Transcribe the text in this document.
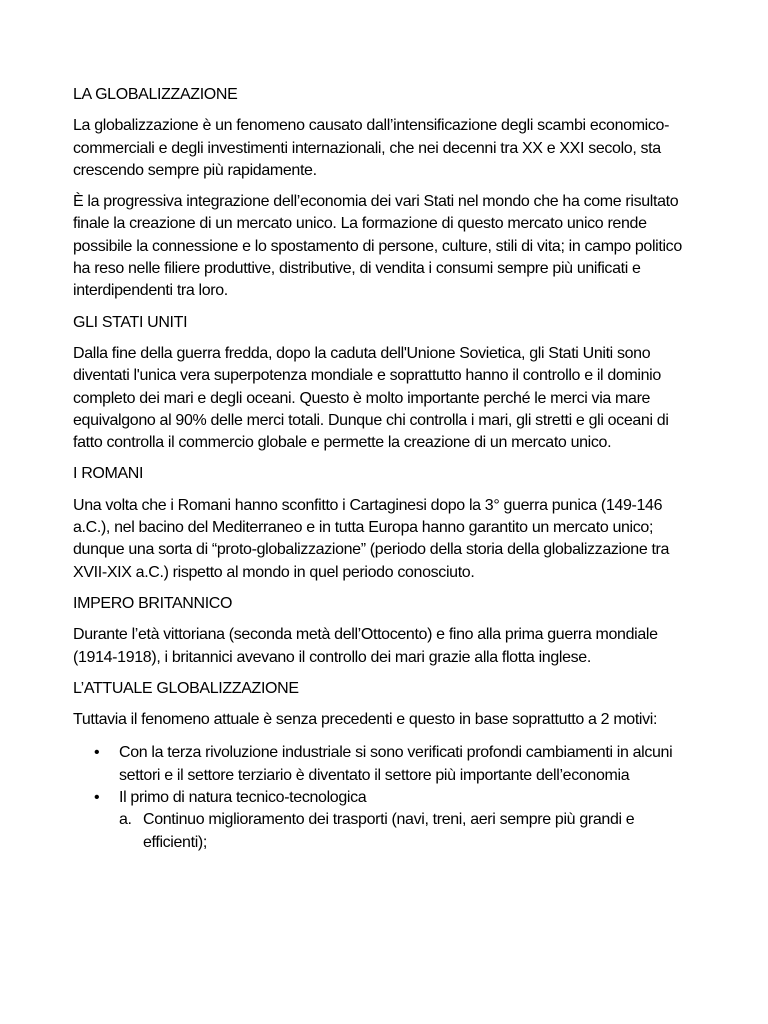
LA GLOBALIZZAZIONE

La globalizzazione è un fenomeno causato dall’intensificazione degli scambi economico-commerciali e degli investimenti internazionali, che nei decenni tra XX e XXI secolo, sta crescendo sempre più rapidamente.

È la progressiva integrazione dell’economia dei vari Stati nel mondo che ha come risultato finale la creazione di un mercato unico. La formazione di questo mercato unico rende possibile la connessione e lo spostamento di persone, culture, stili di vita; in campo politico ha reso nelle filiere produttive, distributive, di vendita i consumi sempre più unificati e interdipendenti tra loro.

GLI STATI UNITI

Dalla fine della guerra fredda, dopo la caduta dell'Unione Sovietica, gli Stati Uniti sono diventati l'unica vera superpotenza mondiale e soprattutto hanno il controllo e il dominio completo dei mari e degli oceani. Questo è molto importante perché le merci via mare equivalgono al 90% delle merci totali. Dunque chi controlla i mari, gli stretti e gli oceani di fatto controlla il commercio globale e permette la creazione di un mercato unico.

I ROMANI

Una volta che i Romani hanno sconfitto i Cartaginesi dopo la 3° guerra punica (149-146 a.C.), nel bacino del Mediterraneo e in tutta Europa hanno garantito un mercato unico; dunque una sorta di “proto-globalizzazione” (periodo della storia della globalizzazione tra XVII-XIX a.C.) rispetto al mondo in quel periodo conosciuto.

IMPERO BRITANNICO

Durante l’età vittoriana (seconda metà dell’Ottocento) e fino alla prima guerra mondiale (1914-1918), i britannici avevano il controllo dei mari grazie alla flotta inglese.

L’ATTUALE GLOBALIZZAZIONE

Tuttavia il fenomeno attuale è senza precedenti e questo in base soprattutto a 2 motivi:

• Con la terza rivoluzione industriale si sono verificati profondi cambiamenti in alcuni settori e il settore terziario è diventato il settore più importante dell’economia
• Il primo di natura tecnico-tecnologica
a. Continuo miglioramento dei trasporti (navi, treni, aeri sempre più grandi e efficienti);
